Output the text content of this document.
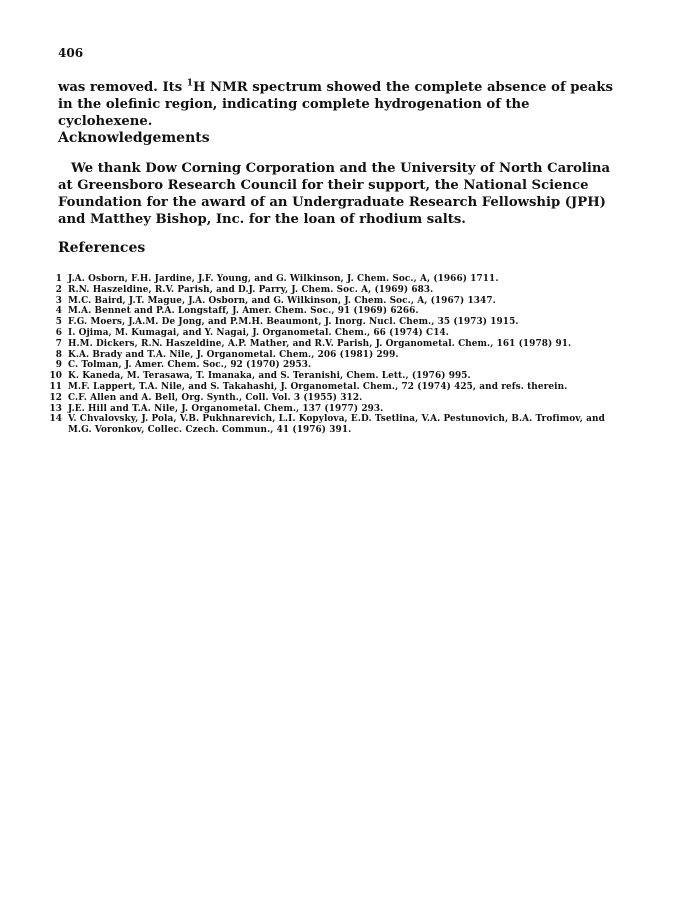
406

was removed. Its $^1$H NMR spectrum showed the complete absence of peaks in the olefinic region, indicating complete hydrogenation of the cyclohexene.

Acknowledgements

We thank Dow Corning Corporation and the University of North Carolina at Greensboro Research Council for their support, the National Science Foundation for the award of an Undergraduate Research Fellowship (JPH) and Matthey Bishop, Inc. for the loan of rhodium salts.

References
1 J.A. Osborn, F.H. Jardine, J.F. Young, and G. Wilkinson, J. Chem. Soc., A, (1966) 1711.
2 R.N. Haszeldine, R.V. Parish, and D.J. Parry, J. Chem. Soc. A, (1969) 683.
3 M.C. Baird, J.T. Mague, J.A. Osborn, and G. Wilkinson, J. Chem. Soc., A, (1967) 1347.
4 M.A. Bennet and P.A. Longstaff, J. Amer. Chem. Soc., 91 (1969) 6266.
5 F.G. Moers, J.A.M. De Jong, and P.M.H. Beaumont, J. Inorg. Nucl. Chem., 35 (1973) 1915.
6 I. Ojima, M. Kumagai, and Y. Nagai, J. Organometal. Chem., 66 (1974) C14.
7 H.M. Dickers, R.N. Haszeldine, A.P. Mather, and R.V. Parish, J. Organometal. Chem., 161 (1978) 91.
8 K.A. Brady and T.A. Nile, J. Organometal. Chem., 206 (1981) 299.
9 C. Tolman, J. Amer. Chem. Soc., 92 (1970) 2953.
10 K. Kaneda, M. Terasawa, T. Imanaka, and S. Teranishi, Chem. Lett., (1976) 995.
11 M.F. Lappert, T.A. Nile, and S. Takahashi, J. Organometal. Chem., 72 (1974) 425, and refs. therein.
12 C.F. Allen and A. Bell, Org. Synth., Coll. Vol. 3 (1955) 312.
13 J.E. Hill and T.A. Nile, J. Organometal. Chem., 137 (1977) 293.
14 V. Chvalovsky, J. Pola, V.B. Pukhnarevich, L.I. Kopylova, E.D. Tsetlina, V.A. Pestunovich, B.A. Trofimov, and M.G. Voronkov, Collec. Czech. Commun., 41 (1976) 391.
